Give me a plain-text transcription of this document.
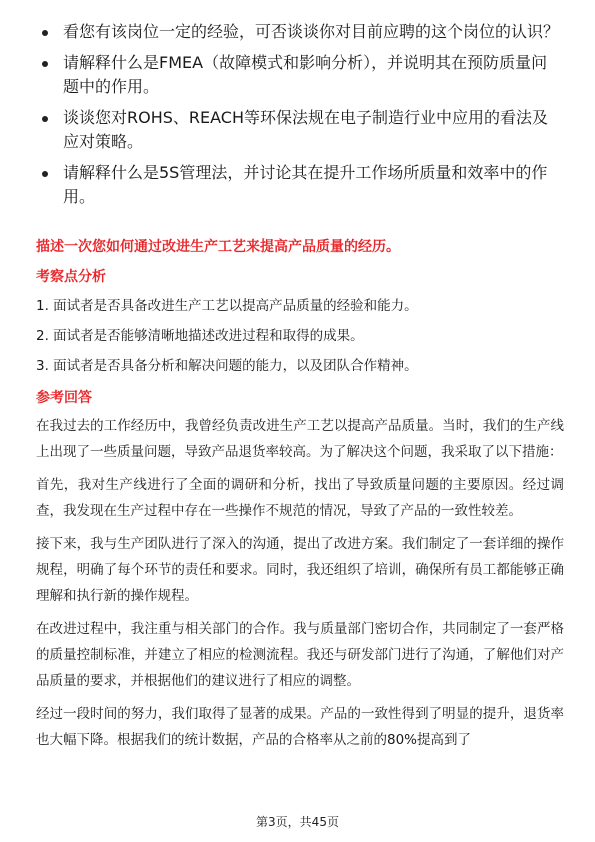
看您有该岗位一定的经验，可否谈谈你对目前应聘的这个岗位的认识？
请解释什么是FMEA（故障模式和影响分析），并说明其在预防质量问题中的作用。
谈谈您对ROHS、REACH等环保法规在电子制造行业中应用的看法及应对策略。
请解释什么是5S管理法，并讨论其在提升工作场所质量和效率中的作用。

描述一次您如何通过改进生产工艺来提高产品质量的经历。

考察点分析

1. 面试者是否具备改进生产工艺以提高产品质量的经验和能力。
2. 面试者是否能够清晰地描述改进过程和取得的成果。
3. 面试者是否具备分析和解决问题的能力，以及团队合作精神。

参考回答

在我过去的工作经历中，我曾经负责改进生产工艺以提高产品质量。当时，我们的生产线上出现了一些质量问题，导致产品退货率较高。为了解决这个问题，我采取了以下措施：

首先，我对生产线进行了全面的调研和分析，找出了导致质量问题的主要原因。经过调查，我发现在生产过程中存在一些操作不规范的情况，导致了产品的一致性较差。

接下来，我与生产团队进行了深入的沟通，提出了改进方案。我们制定了一套详细的操作规程，明确了每个环节的责任和要求。同时，我还组织了培训，确保所有员工都能够正确理解和执行新的操作规程。

在改进过程中，我注重与相关部门的合作。我与质量部门密切合作，共同制定了一套严格的质量控制标准，并建立了相应的检测流程。我还与研发部门进行了沟通，了解他们对产品质量的要求，并根据他们的建议进行了相应的调整。

经过一段时间的努力，我们取得了显著的成果。产品的一致性得到了明显的提升，退货率也大幅下降。根据我们的统计数据，产品的合格率从之前的80%提高到了

第3页，共45页
